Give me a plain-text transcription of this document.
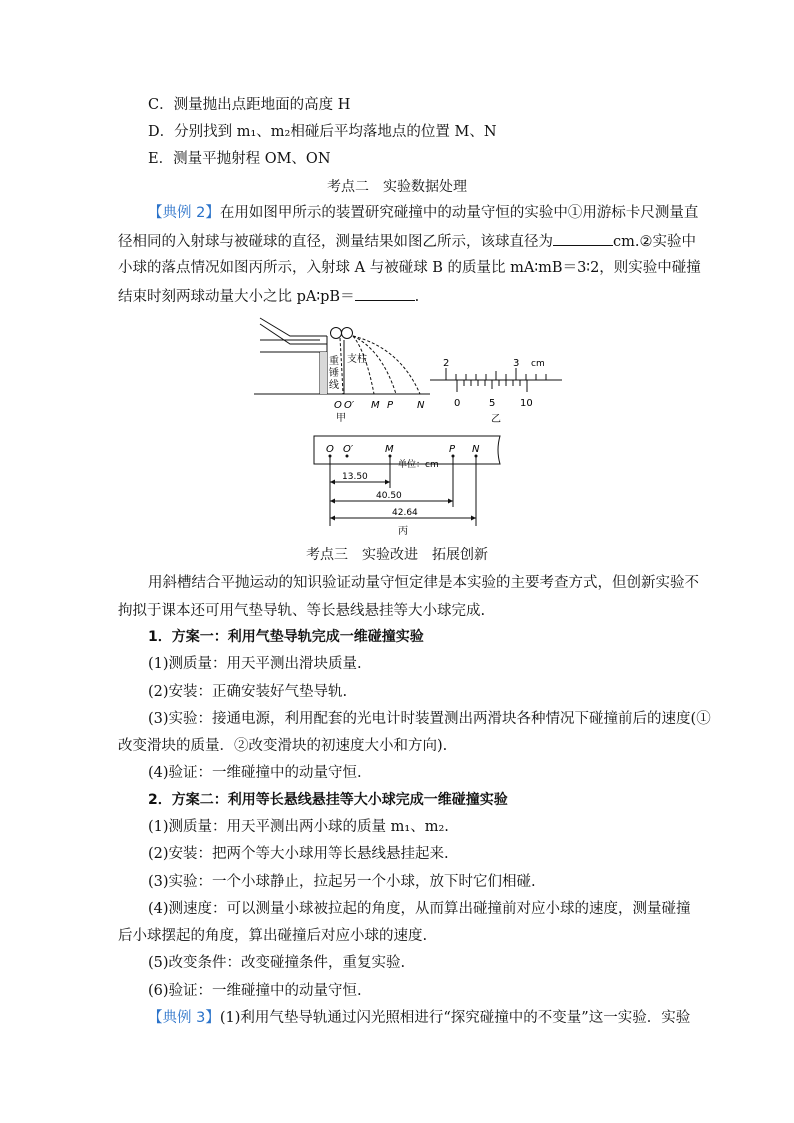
C．测量抛出点距地面的高度 H
D．分别找到 m₁、m₂相碰后平均落地点的位置 M、N
E．测量平抛射程 OM、ON
考点二　实验数据处理
【典例 2】在用如图甲所示的装置研究碰撞中的动量守恒的实验中①用游标卡尺测量直
径相同的入射球与被碰球的直径，测量结果如图乙所示，该球直径为	cm.②实验中
小球的落点情况如图丙所示，入射球 A 与被碰球 B 的质量比 mA∶mB＝3∶2，则实验中碰撞
结束时刻两球动量大小之比 pA∶pB＝	.
重
锤
线
支柱
O O′ M P N
甲
2	3 cm
0	5 10
乙
O O′	M	P N
单位：cm
13.50
40.50
42.64
丙
考点三　实验改进　拓展创新
用斜槽结合平抛运动的知识验证动量守恒定律是本实验的主要考查方式，但创新实验不
拘拟于课本还可用气垫导轨、等长悬线悬挂等大小球完成.
1．方案一：利用气垫导轨完成一维碰撞实验
(1)测质量：用天平测出滑块质量.
(2)安装：正确安装好气垫导轨.
(3)实验：接通电源，利用配套的光电计时装置测出两滑块各种情况下碰撞前后的速度(①
改变滑块的质量．②改变滑块的初速度大小和方向).
(4)验证：一维碰撞中的动量守恒.
2．方案二：利用等长悬线悬挂等大小球完成一维碰撞实验
(1)测质量：用天平测出两小球的质量 m₁、m₂.
(2)安装：把两个等大小球用等长悬线悬挂起来.
(3)实验：一个小球静止，拉起另一个小球，放下时它们相碰.
(4)测速度：可以测量小球被拉起的角度，从而算出碰撞前对应小球的速度，测量碰撞
后小球摆起的角度，算出碰撞后对应小球的速度.
(5)改变条件：改变碰撞条件，重复实验.
(6)验证：一维碰撞中的动量守恒.
【典例 3】(1)利用气垫导轨通过闪光照相进行“探究碰撞中的不变量”这一实验．实验
